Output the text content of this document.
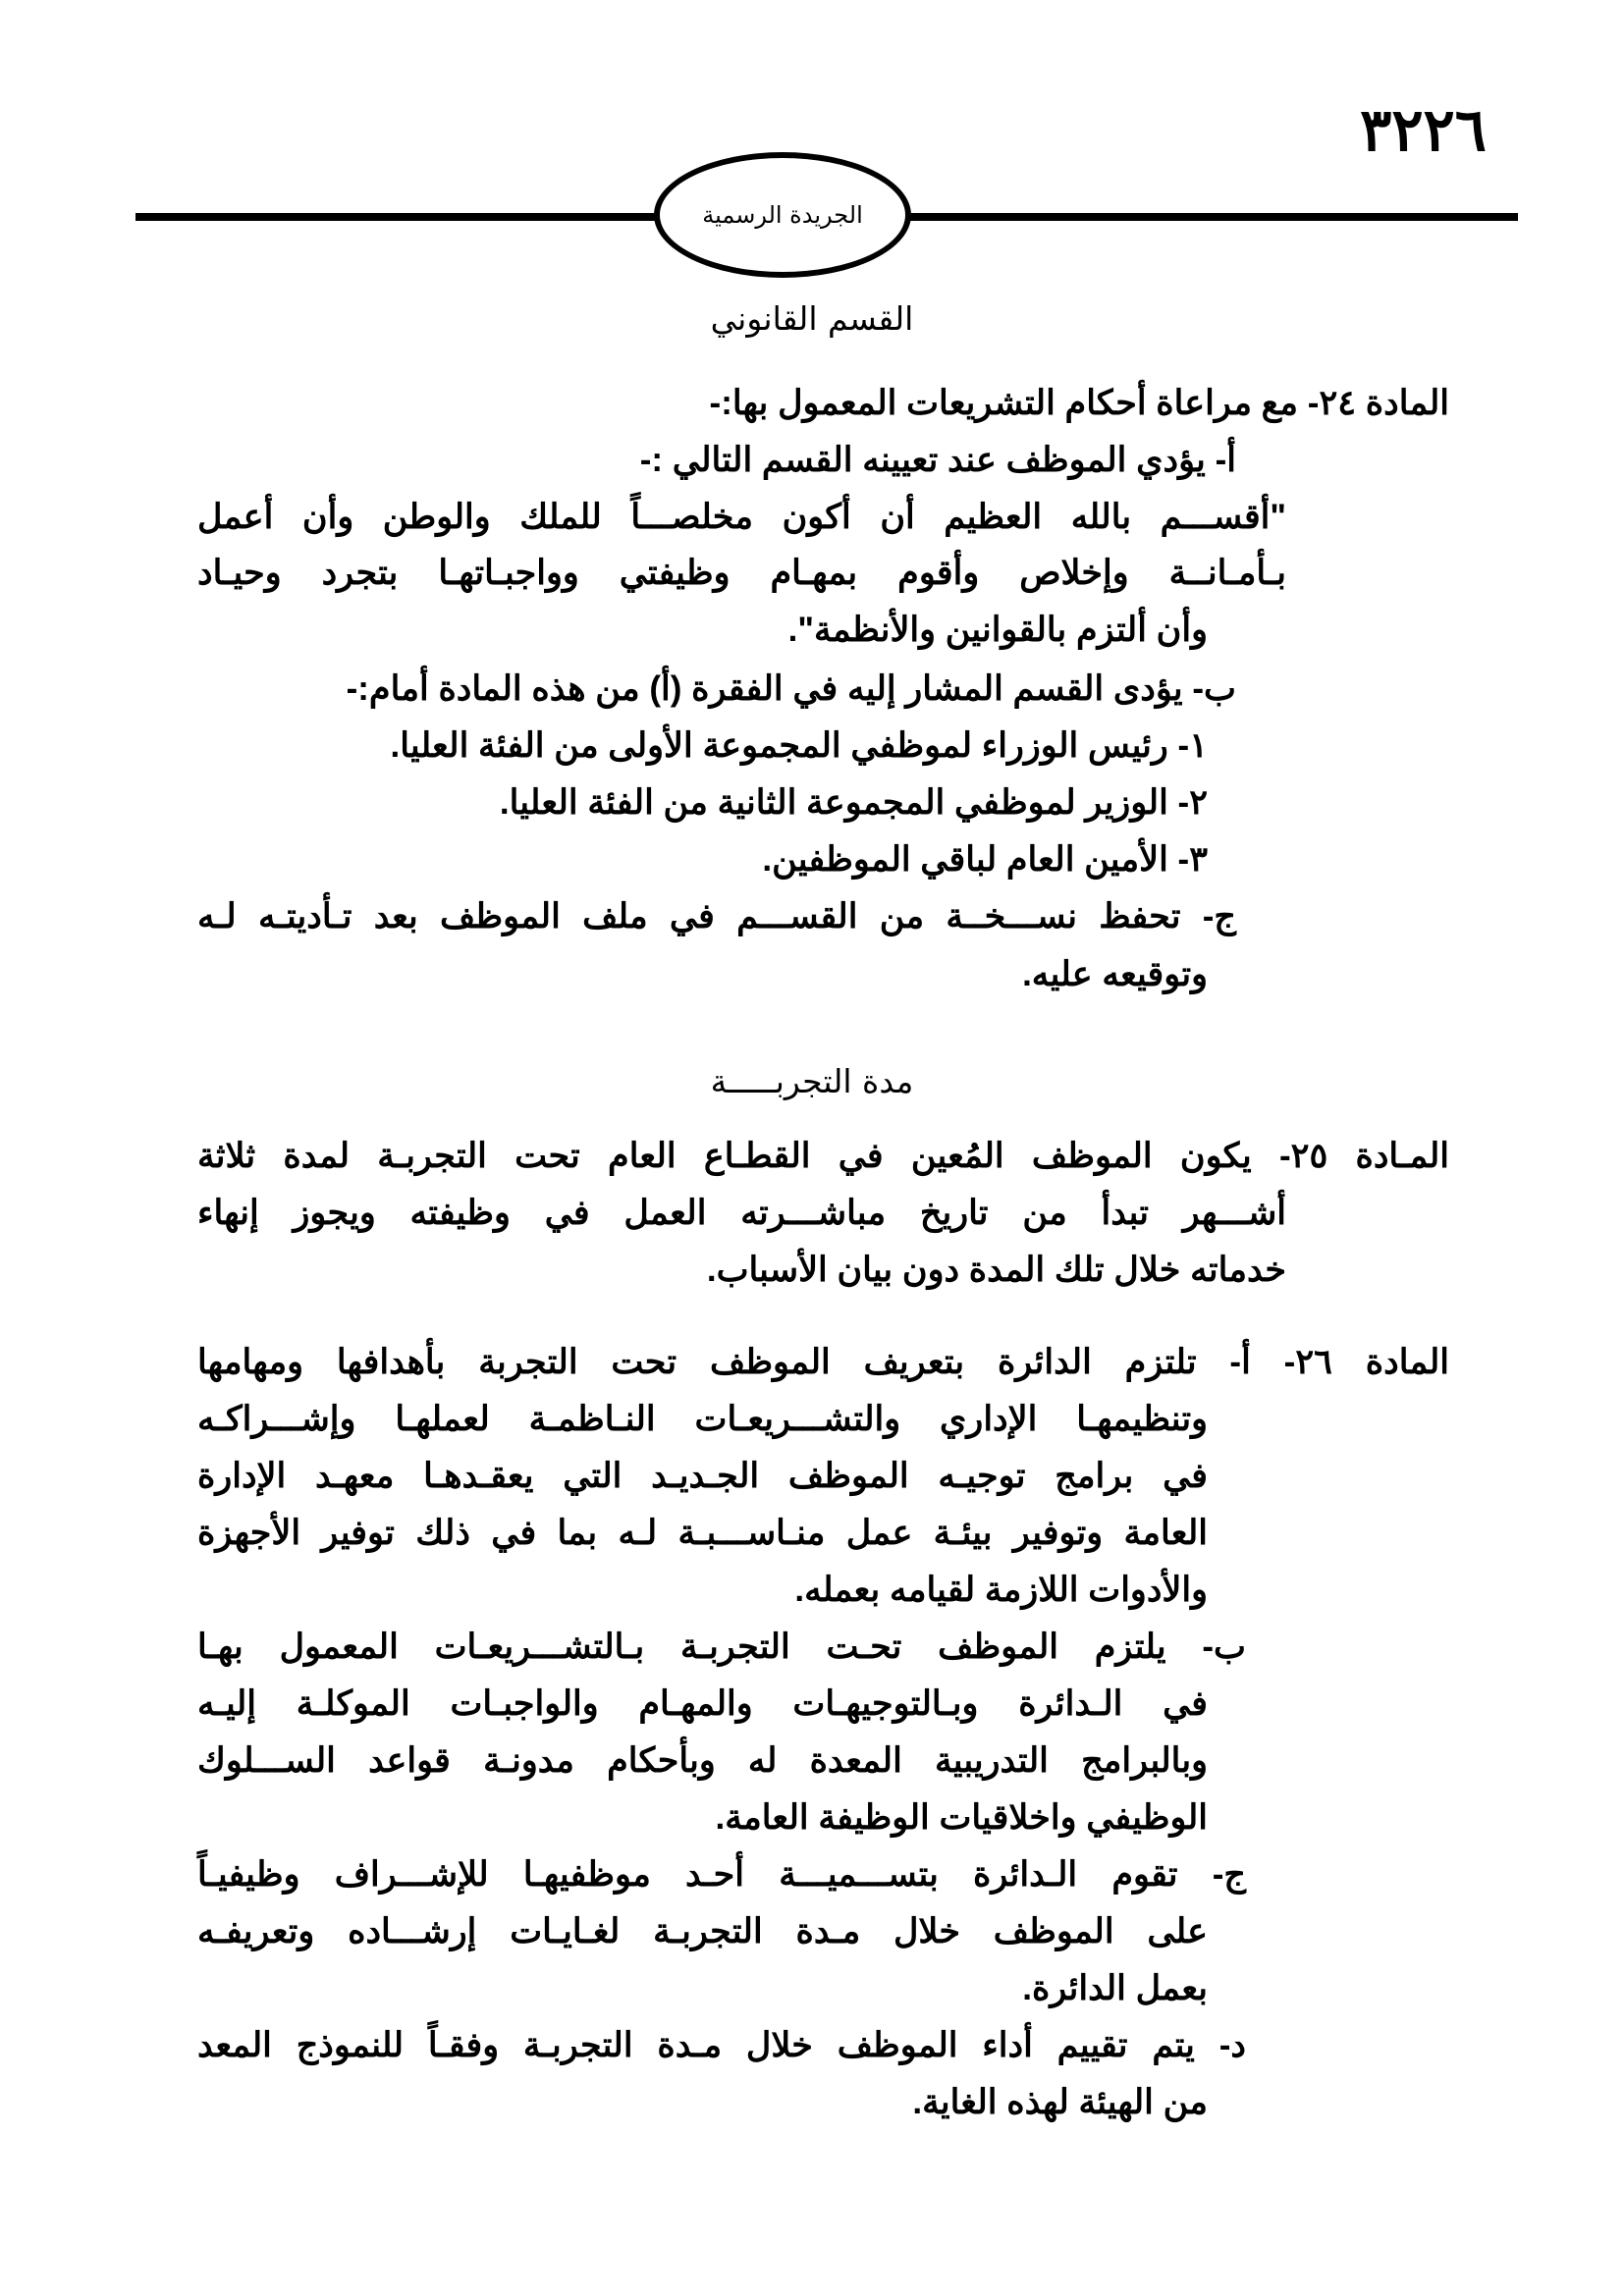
٣٢٢٦
الجريدة الرسمية
القسم القانوني
المادة ٢٤- مع مراعاة أحكام التشريعات المعمول بها:-
أ- يؤدي الموظف عند تعيينه القسم التالي :-
"أقســـم بالله العظيم أن أكون مخلصـــاً للملك والوطن وأن أعمل
بـأمـانــة وإخلاص وأقوم بمهـام وظيفتي وواجبـاتهـا بتجرد وحيـاد
وأن ألتزم بالقوانين والأنظمة".
ب- يؤدى القسم المشار إليه في الفقرة (أ) من هذه المادة أمام:-
١- رئيس الوزراء لموظفي المجموعة الأولى من الفئة العليا.
٢- الوزير لموظفي المجموعة الثانية من الفئة العليا.
٣- الأمين العام لباقي الموظفين.
ج- تحفظ نســـخــة من القســـم في ملف الموظف بعد تـأديتـه لـه
وتوقيعه عليه.
مدة التجربـــــة
المـادة ٢٥- يكون الموظف المُعين في القطـاع العام تحت التجربـة لمدة ثلاثة
أشـــهر تبدأ من تاريخ مباشـــرته العمل في وظيفته ويجوز إنهاء
خدماته خلال تلك المدة دون بيان الأسباب.
المادة ٢٦- أ- تلتزم الدائرة بتعريف الموظف تحت التجربة بأهدافها ومهامها
وتنظيمهـا الإداري والتشـــريعـات النـاظمـة لعملهـا وإشـــراكـه
في برامج توجيـه الموظف الجـديـد التي يعقـدهـا معهـد الإدارة
العامة وتوفير بيئـة عمل منـاســـبـة لـه بما في ذلك توفير الأجهزة
والأدوات اللازمة لقيامه بعمله.
ب- يلتزم الموظف تحـت التجربـة بـالتشـــريعـات المعمول بهـا
في الـدائرة وبـالتوجيهـات والمهـام والواجبـات الموكلـة إليـه
وبالبرامج التدريبية المعدة له وبأحكام مدونـة قواعد الســـلوك
الوظيفي واخلاقيات الوظيفة العامة.
ج- تقوم الـدائرة بتســـميـــة أحـد موظفيهـا للإشـــراف وظيفيـاً
على الموظف خلال مـدة التجربـة لغـايـات إرشـــاده وتعريفـه
بعمل الدائرة.
د- يتم تقييم أداء الموظف خلال مـدة التجربـة وفقـاً للنموذج المعد
من الهيئة لهذه الغاية.
